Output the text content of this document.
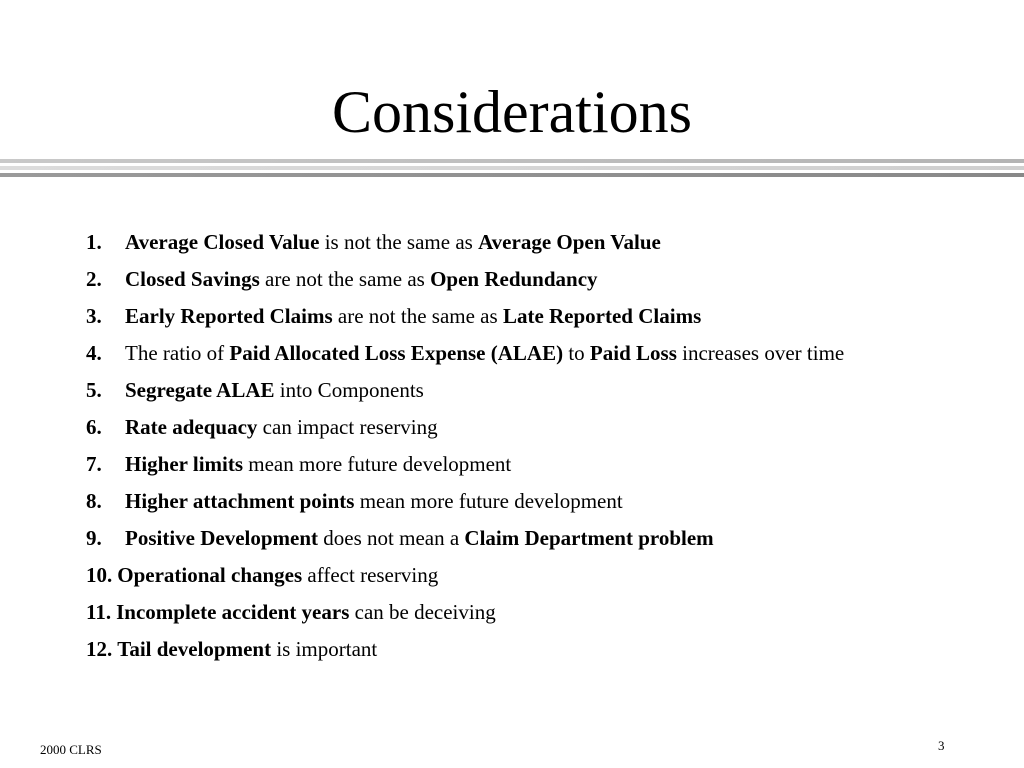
Considerations
1.	Average Closed Value is not the same as Average Open Value
2.	Closed Savings are not the same as Open Redundancy
3.	Early Reported Claims are not the same as Late Reported Claims
4.	The ratio of Paid Allocated Loss Expense (ALAE) to Paid Loss increases over time
5.	Segregate ALAE into Components
6.	Rate adequacy can impact reserving
7.	Higher limits mean more future development
8.	Higher attachment points mean more future development
9.	Positive Development does not mean a Claim Department problem
10. Operational changes affect reserving
11. Incomplete accident years can be deceiving
12. Tail development is important
2000 CLRS	3
